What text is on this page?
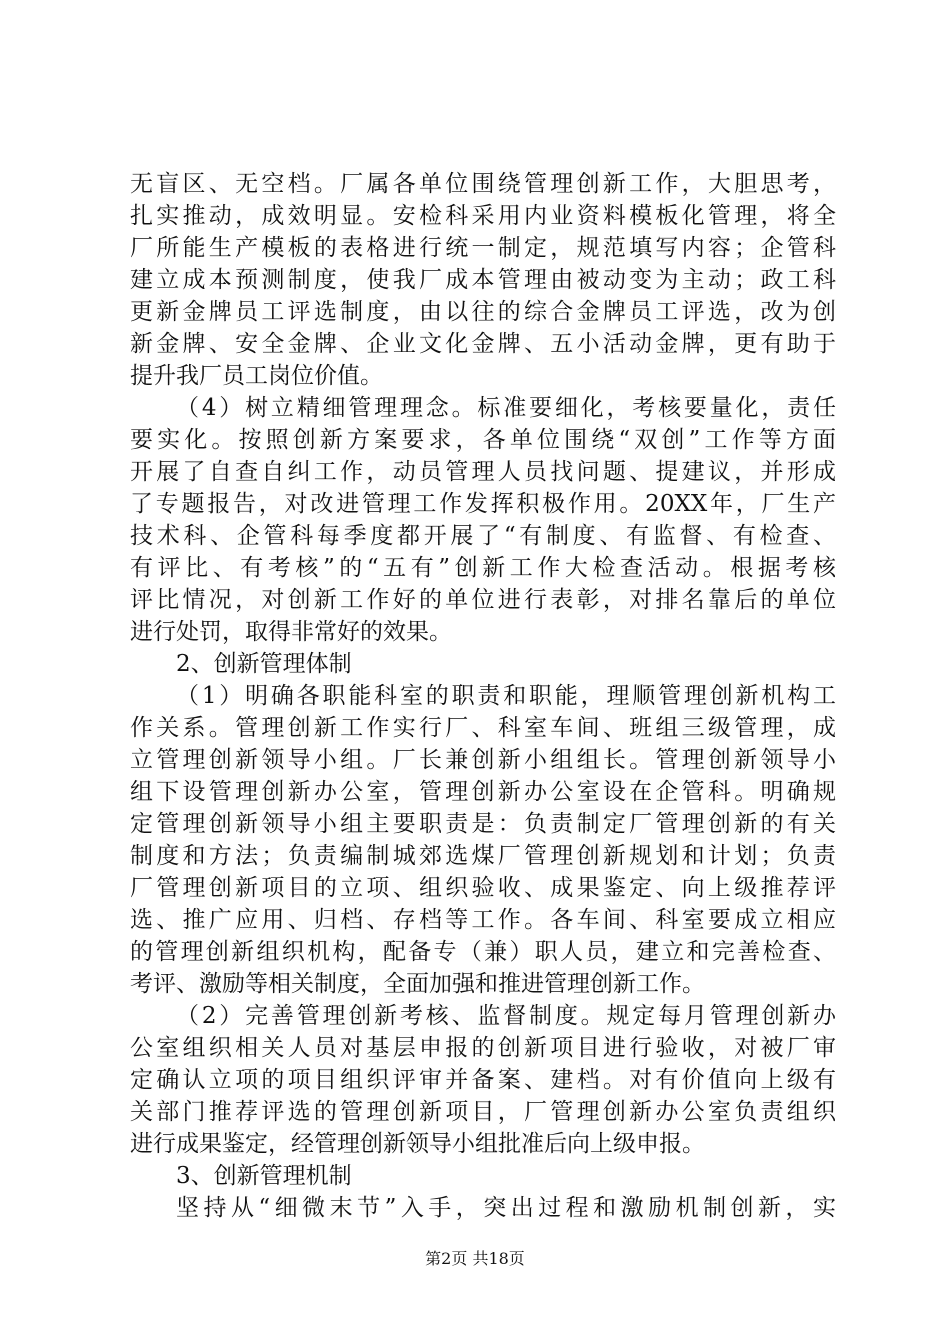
无盲区、无空档。厂属各单位围绕管理创新工作，大胆思考，
扎实推动，成效明显。安检科采用内业资料模板化管理，将全
厂所能生产模板的表格进行统一制定，规范填写内容；企管科
建立成本预测制度，使我厂成本管理由被动变为主动；政工科
更新金牌员工评选制度，由以往的综合金牌员工评选，改为创
新金牌、安全金牌、企业文化金牌、五小活动金牌，更有助于
提升我厂员工岗位价值。
（4）树立精细管理理念。标准要细化，考核要量化，责任
要实化。按照创新方案要求，各单位围绕“双创”工作等方面
开展了自查自纠工作，动员管理人员找问题、提建议，并形成
了专题报告，对改进管理工作发挥积极作用。20XX年，厂生产
技术科、企管科每季度都开展了“有制度、有监督、有检查、
有评比、有考核”的“五有”创新工作大检查活动。根据考核
评比情况，对创新工作好的单位进行表彰，对排名靠后的单位
进行处罚，取得非常好的效果。
2、创新管理体制
（1）明确各职能科室的职责和职能，理顺管理创新机构工
作关系。管理创新工作实行厂、科室车间、班组三级管理，成
立管理创新领导小组。厂长兼创新小组组长。管理创新领导小
组下设管理创新办公室，管理创新办公室设在企管科。明确规
定管理创新领导小组主要职责是：负责制定厂管理创新的有关
制度和方法；负责编制城郊选煤厂管理创新规划和计划；负责
厂管理创新项目的立项、组织验收、成果鉴定、向上级推荐评
选、推广应用、归档、存档等工作。各车间、科室要成立相应
的管理创新组织机构，配备专（兼）职人员，建立和完善检查、
考评、激励等相关制度，全面加强和推进管理创新工作。
（2）完善管理创新考核、监督制度。规定每月管理创新办
公室组织相关人员对基层申报的创新项目进行验收，对被厂审
定确认立项的项目组织评审并备案、建档。对有价值向上级有
关部门推荐评选的管理创新项目，厂管理创新办公室负责组织
进行成果鉴定，经管理创新领导小组批准后向上级申报。
3、创新管理机制
坚持从“细微末节”入手，突出过程和激励机制创新，实
第2页 共18页
